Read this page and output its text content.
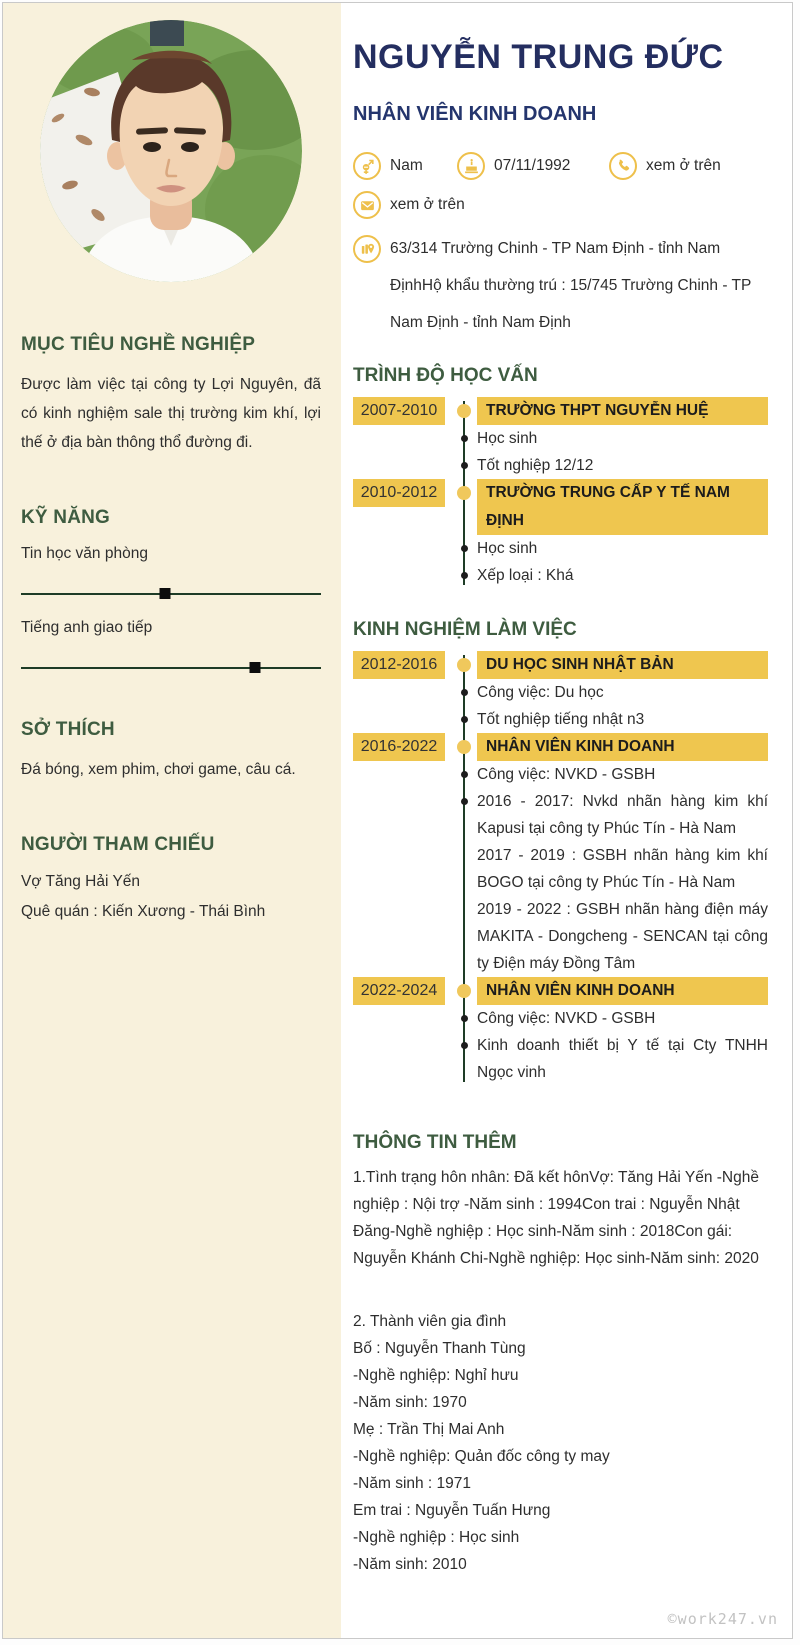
MỤC TIÊU NGHỀ NGHIỆP

Được làm việc tại công ty Lợi Nguyên, đã có kinh nghiệm sale thị trường kim khí, lợi thế ở địa bàn thông thổ đường đi.

KỸ NĂNG
Tin học văn phòng
Tiếng anh giao tiếp
SỞ THÍCH

Đá bóng, xem phim, chơi game, câu cá.

NGƯỜI THAM CHIẾU
Vợ Tăng Hải Yến
Quê quán : Kiến Xương - Thái Bình
NGUYỄN TRUNG ĐỨC
NHÂN VIÊN KINH DOANH
Nam	07/11/1992	xem ở trên
xem ở trên
63/314 Trường Chinh - TP Nam Định - tỉnh Nam ĐịnhHộ khẩu thường trú : 15/745 Trường Chinh - TP Nam Định - tỉnh Nam Định
TRÌNH ĐỘ HỌC VẤN
2007-2010	TRƯỜNG THPT NGUYỄN HUỆ
Học sinh
Tốt nghiệp 12/12
2010-2012	TRƯỜNG TRUNG CẤP Y TẾ NAM ĐỊNH
Học sinh
Xếp loại : Khá
KINH NGHIỆM LÀM VIỆC
2012-2016	DU HỌC SINH NHẬT BẢN
Công việc: Du học
Tốt nghiệp tiếng nhật n3
2016-2022	NHÂN VIÊN KINH DOANH
Công việc: NVKD - GSBH
2016 - 2017: Nvkd nhãn hàng kim khí Kapusi tại công ty Phúc Tín - Hà Nam
2017 - 2019 : GSBH nhãn hàng kim khí BOGO tại công ty Phúc Tín - Hà Nam
2019 - 2022 : GSBH nhãn hàng điện máy MAKITA - Dongcheng - SENCAN tại công ty Điện máy Đồng Tâm
2022-2024	NHÂN VIÊN KINH DOANH
Công việc: NVKD - GSBH
Kinh doanh thiết bị Y tế tại Cty TNHH Ngọc vinh
THÔNG TIN THÊM

1.Tình trạng hôn nhân: Đã kết hônVợ: Tăng Hải Yến -Nghề nghiệp : Nội trợ -Năm sinh : 1994Con trai : Nguyễn Nhật Đăng-Nghề nghiệp : Học sinh-Năm sinh : 2018Con gái: Nguyễn Khánh Chi-Nghề nghiệp: Học sinh-Năm sinh: 2020

2. Thành viên gia đình
Bố : Nguyễn Thanh Tùng
-Nghề nghiệp: Nghỉ hưu
-Năm sinh: 1970
Mẹ : Trần Thị Mai Anh
-Nghề nghiệp: Quản đốc công ty may
-Năm sinh : 1971
Em trai : Nguyễn Tuấn Hưng
-Nghề nghiệp : Học sinh
-Năm sinh: 2010
©work247.vn
